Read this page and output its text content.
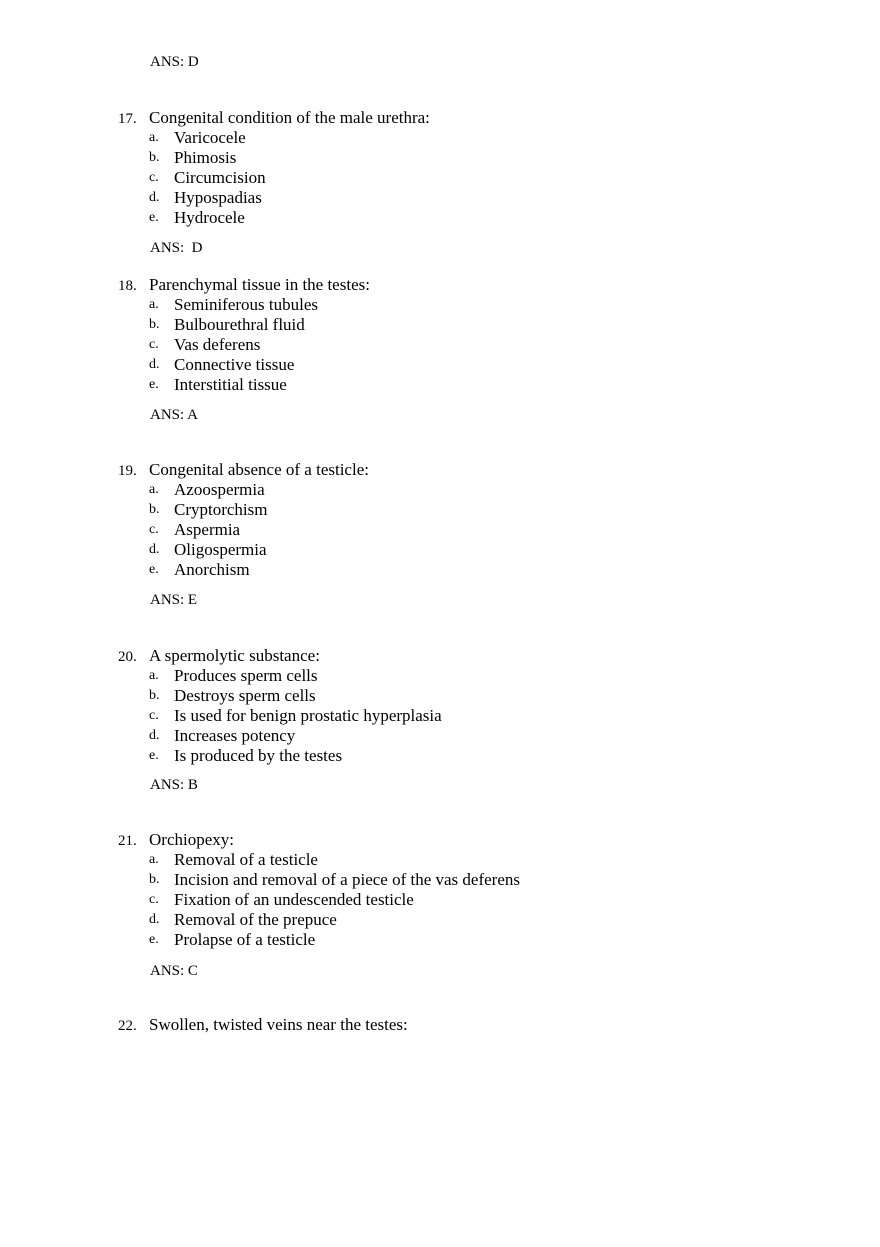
ANS: D
17. Congenital condition of the male urethra:
a. Varicocele
b. Phimosis
c. Circumcision
d. Hypospadias
e. Hydrocele
ANS:  D
18. Parenchymal tissue in the testes:
a. Seminiferous tubules
b. Bulbourethral fluid
c. Vas deferens
d. Connective tissue
e. Interstitial tissue
ANS: A
19. Congenital absence of a testicle:
a. Azoospermia
b. Cryptorchism
c. Aspermia
d. Oligospermia
e. Anorchism
ANS: E
20. A spermolytic substance:
a. Produces sperm cells
b. Destroys sperm cells
c. Is used for benign prostatic hyperplasia
d. Increases potency
e. Is produced by the testes
ANS: B
21. Orchiopexy:
a. Removal of a testicle
b. Incision and removal of a piece of the vas deferens
c. Fixation of an undescended testicle
d. Removal of the prepuce
e. Prolapse of a testicle
ANS: C
22. Swollen, twisted veins near the testes:
